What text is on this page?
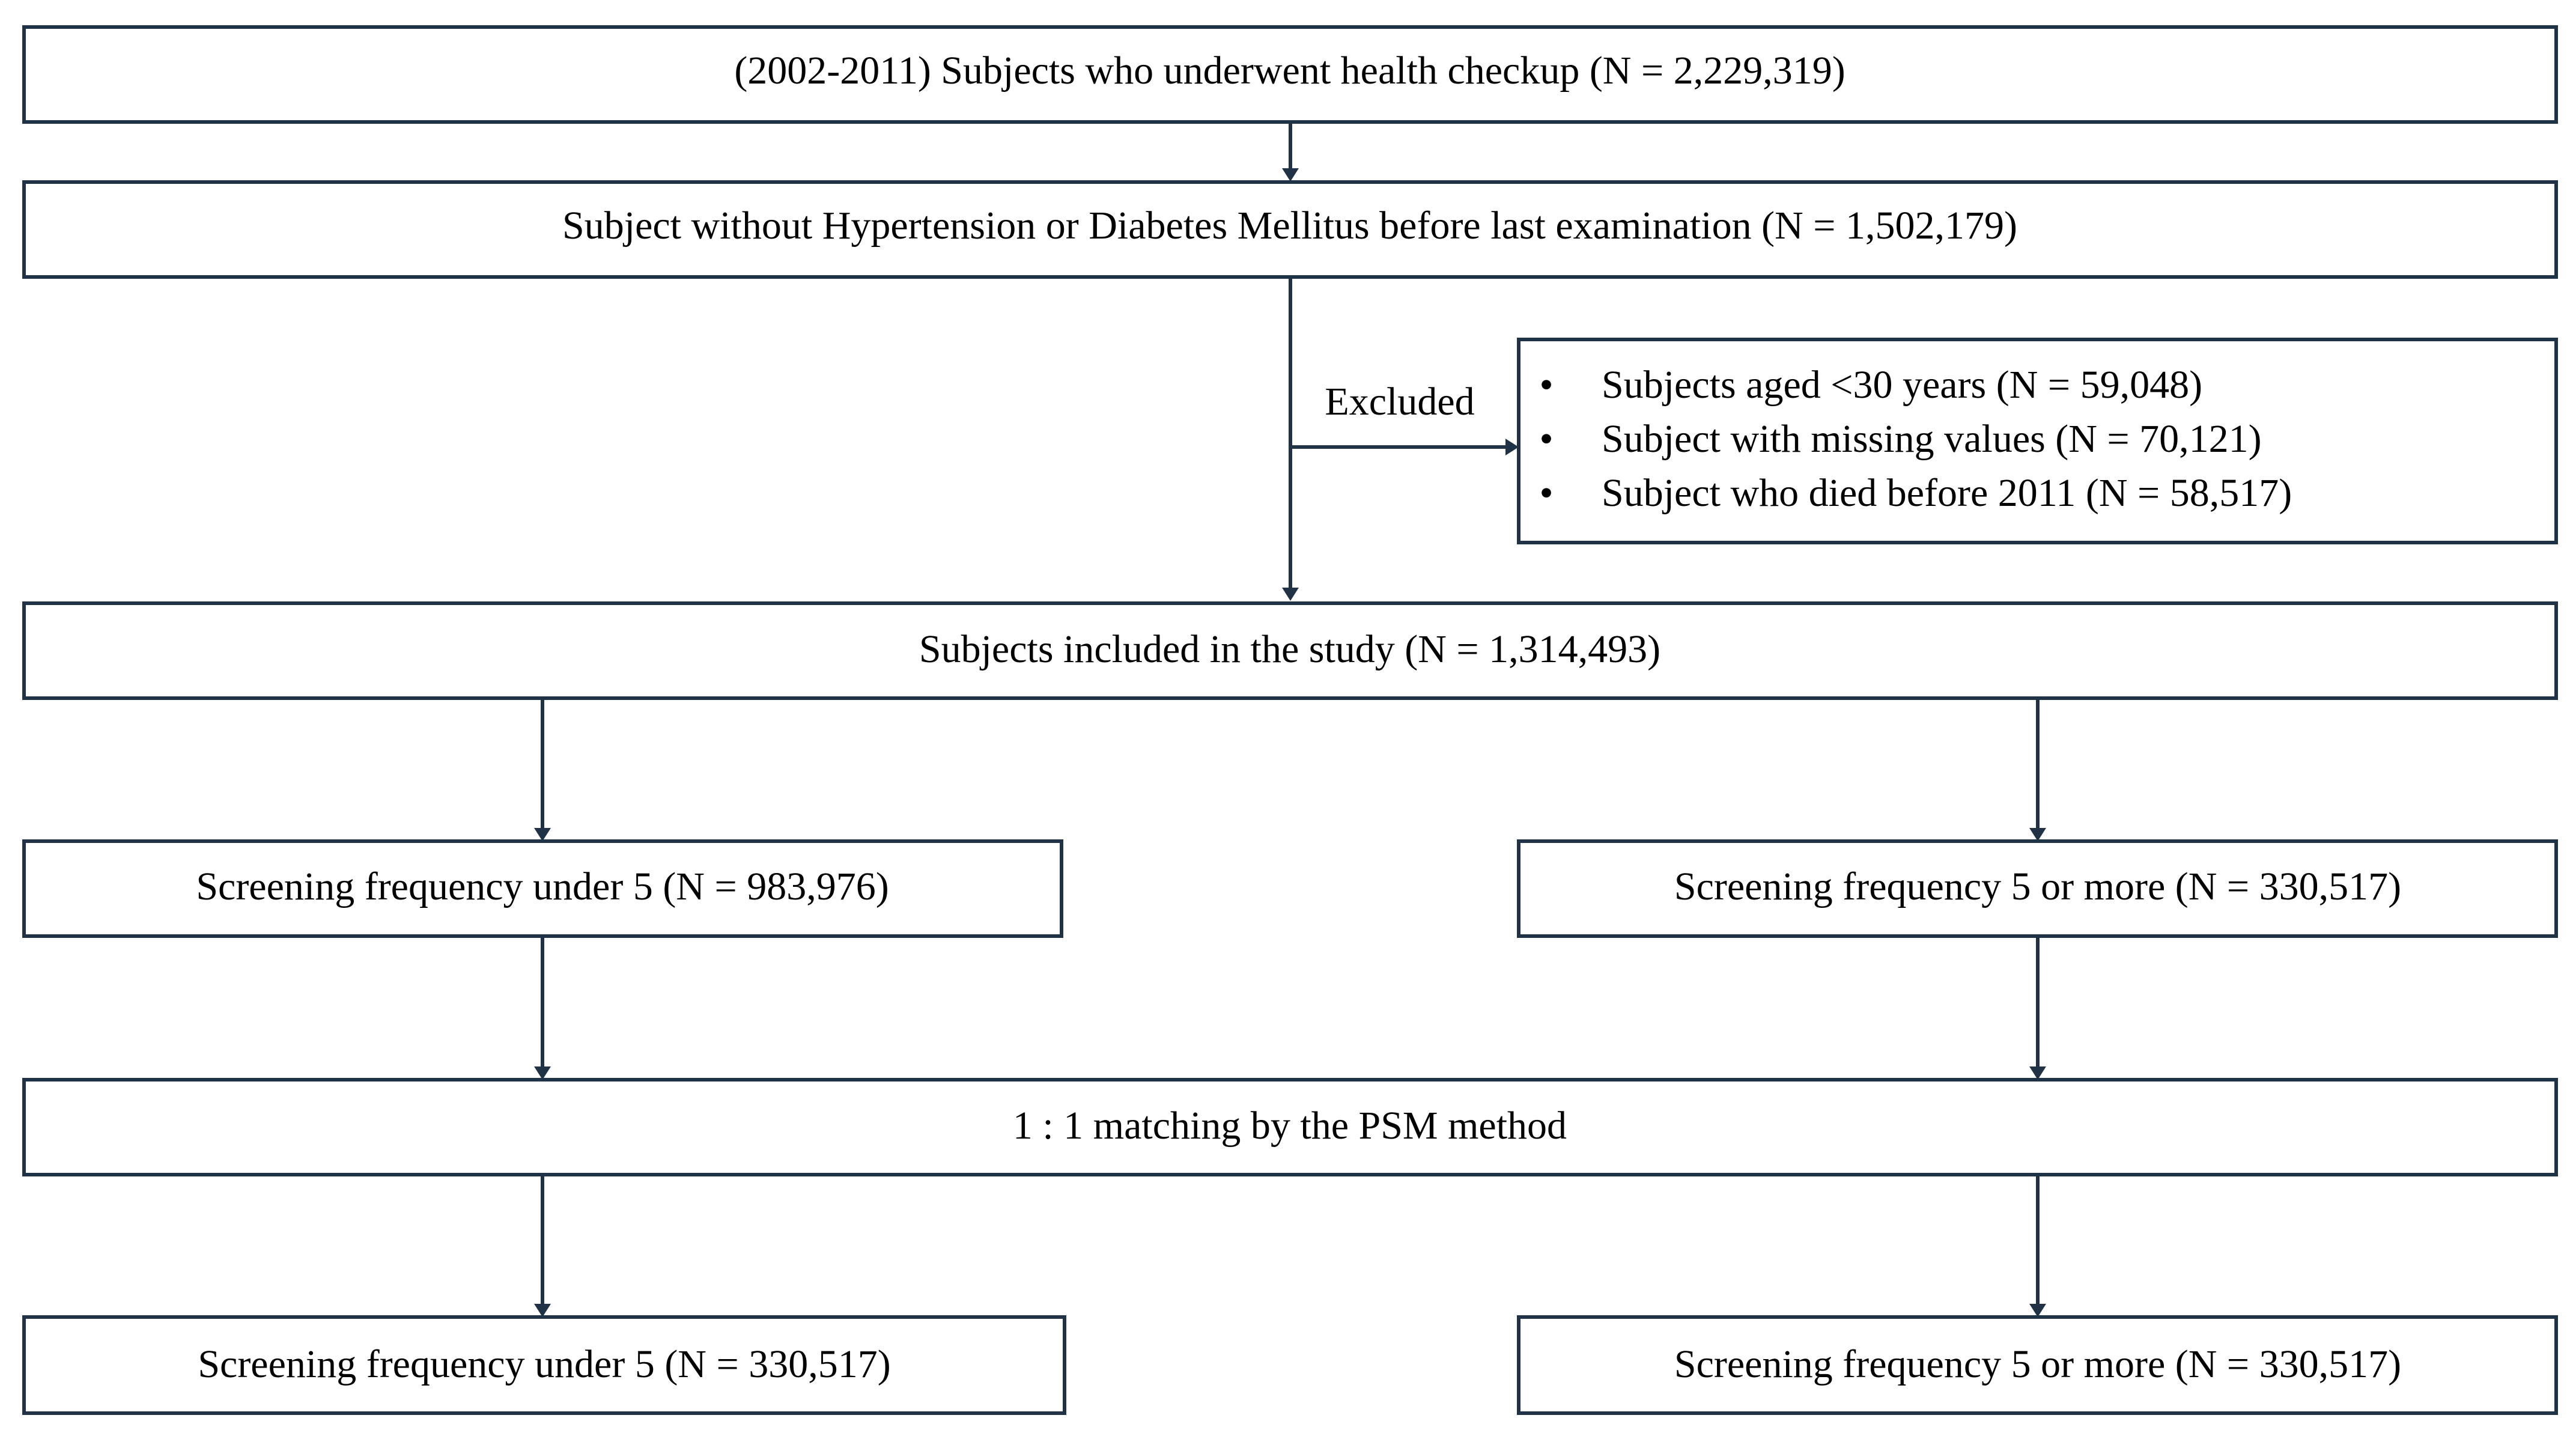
(2002-2011) Subjects who underwent health checkup (N = 2,229,319)
Subject without Hypertension or Diabetes Mellitus before last examination (N = 1,502,179)
Excluded • Subjects aged <30 years (N = 59,048)
• Subject with missing values (N = 70,121)
• Subject who died before 2011 (N = 58,517)
Subjects included in the study (N = 1,314,493)
Screening frequency under 5 (N = 983,976)	Screening frequency 5 or more (N = 330,517)
1 : 1 matching by the PSM method
Screening frequency under 5 (N = 330,517)	Screening frequency 5 or more (N = 330,517)
